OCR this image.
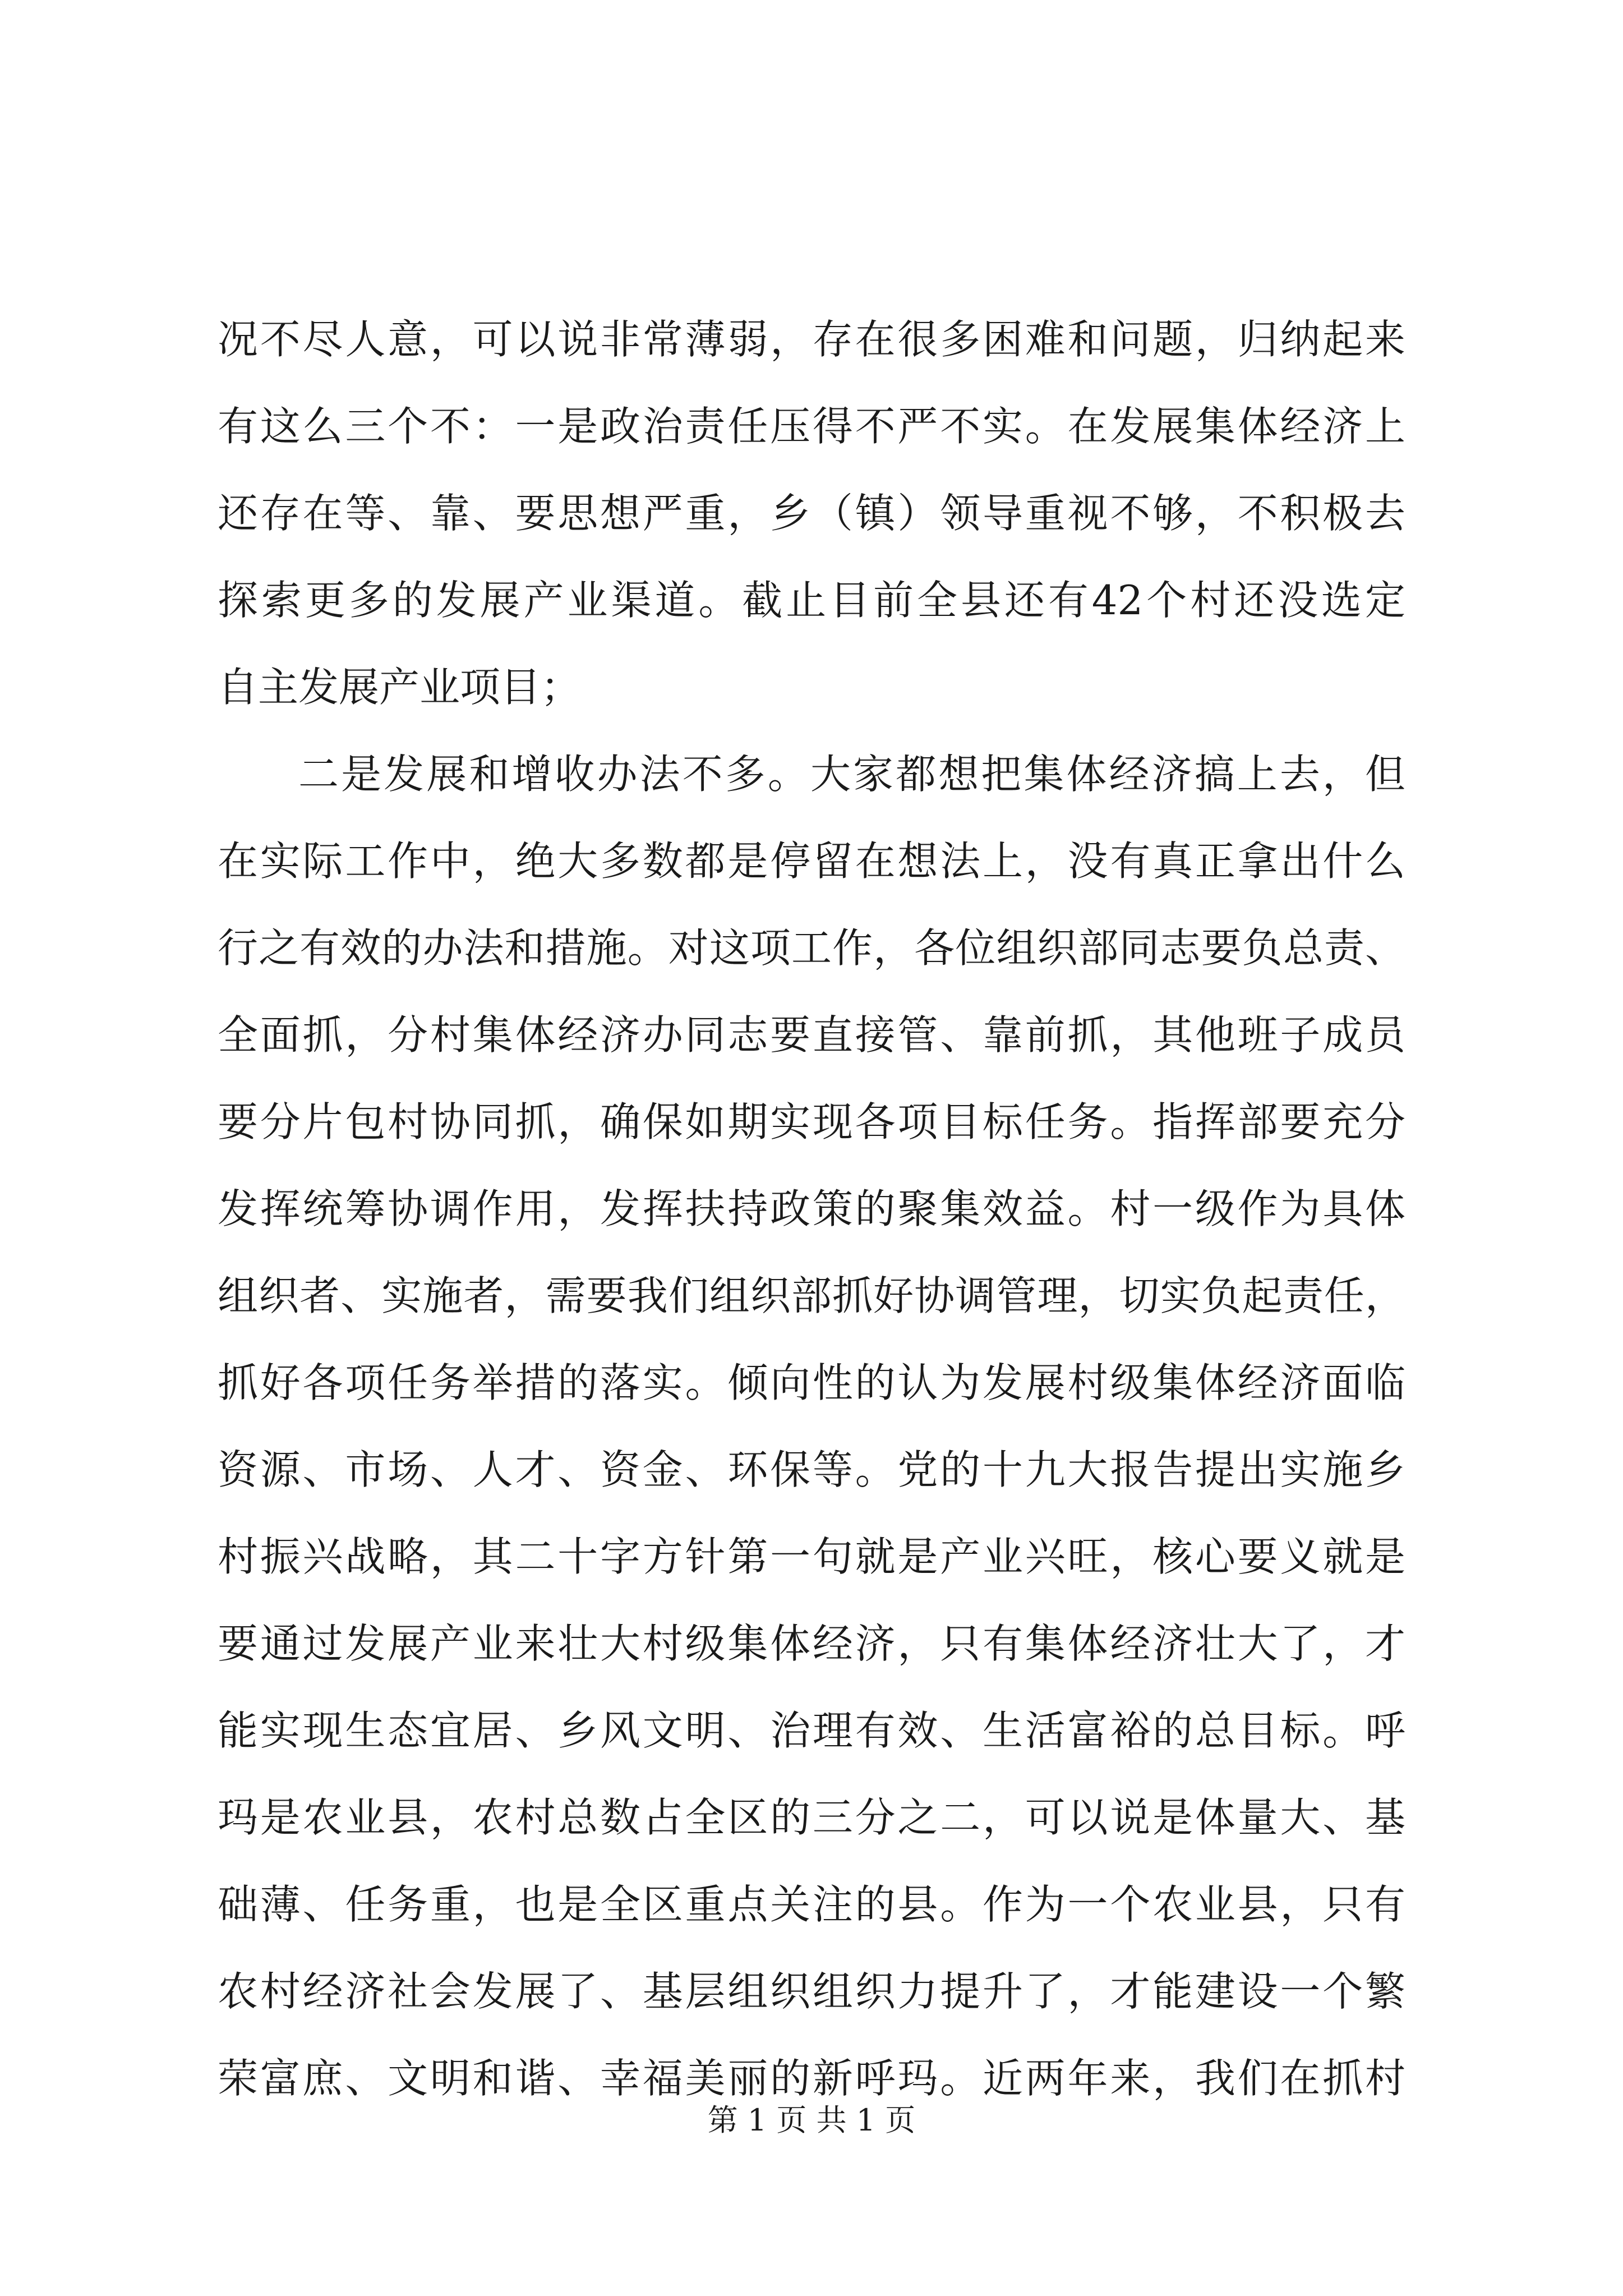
况不尽人意，可以说非常薄弱，存在很多困难和问题，归纳起来
有这么三个不：一是政治责任压得不严不实。在发展集体经济上
还存在等、靠、要思想严重，乡（镇）领导重视不够，不积极去
探索更多的发展产业渠道。截止目前全县还有42个村还没选定
自主发展产业项目；
二是发展和增收办法不多。大家都想把集体经济搞上去，但
在实际工作中，绝大多数都是停留在想法上，没有真正拿出什么
行之有效的办法和措施。对这项工作，各位组织部同志要负总责、
全面抓，分村集体经济办同志要直接管、靠前抓，其他班子成员
要分片包村协同抓，确保如期实现各项目标任务。指挥部要充分
发挥统筹协调作用，发挥扶持政策的聚集效益。村一级作为具体
组织者、实施者，需要我们组织部抓好协调管理，切实负起责任，
抓好各项任务举措的落实。倾向性的认为发展村级集体经济面临
资源、市场、人才、资金、环保等。党的十九大报告提出实施乡
村振兴战略，其二十字方针第一句就是产业兴旺，核心要义就是
要通过发展产业来壮大村级集体经济，只有集体经济壮大了，才
能实现生态宜居、乡风文明、治理有效、生活富裕的总目标。呼
玛是农业县，农村总数占全区的三分之二，可以说是体量大、基
础薄、任务重，也是全区重点关注的县。作为一个农业县，只有
农村经济社会发展了、基层组织组织力提升了，才能建设一个繁
荣富庶、文明和谐、幸福美丽的新呼玛。近两年来，我们在抓村
第 1 页 共 1 页
